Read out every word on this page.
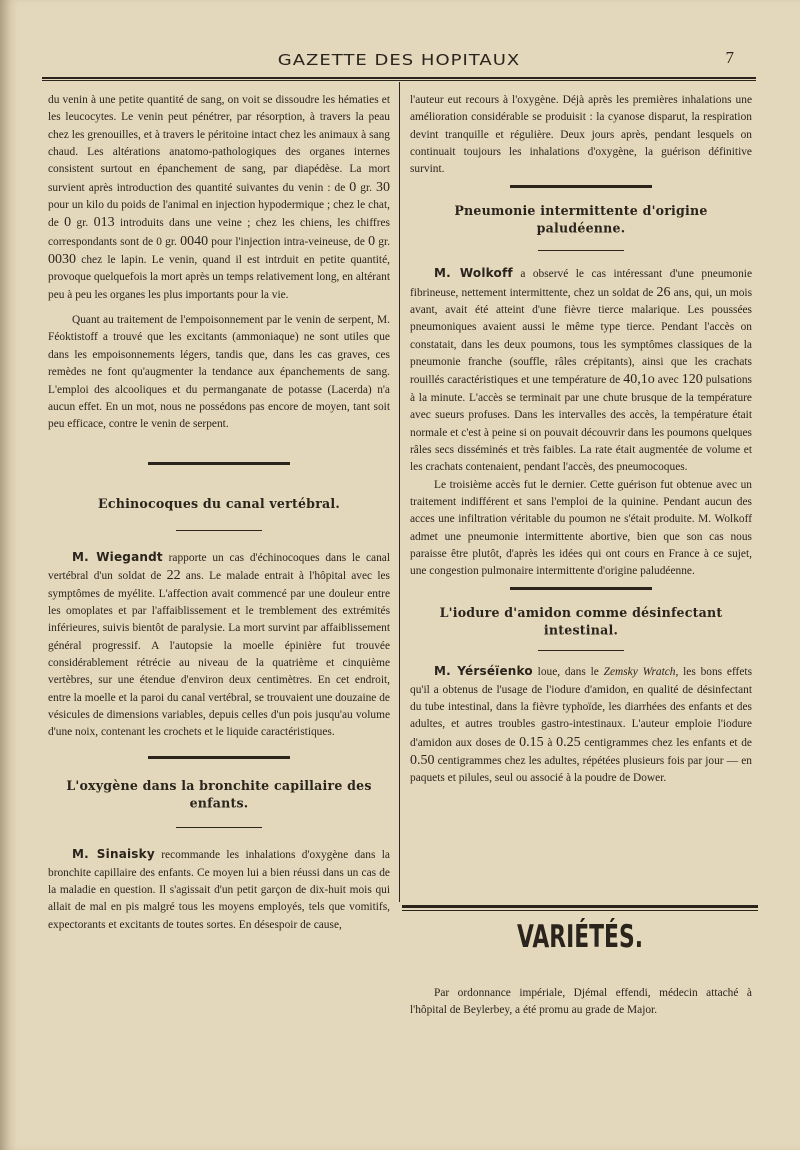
GAZETTE DES HOPITAUX	7

du venin à une petite quantité de sang, on voit se dissoudre les hématies et les leucocytes. Le venin peut pénétrer, par résorption, à travers la peau chez les grenouilles, et à travers le péritoine intact chez les animaux à sang chaud. Les altérations anatomo-pathologiques des organes internes consistent surtout en épanchement de sang, par diapédèse. La mort survient après introduction des quantité suivantes du venin : de 0 gr. 30 pour un kilo du poids de l'animal en injection hypodermique ; chez le chat, de 0 gr. 013 introduits dans une veine ; chez les chiens, les chiffres correspondants sont de 0 gr. 0040 pour l'injection intra-veineuse, de 0 gr. 0030 chez le lapin. Le venin, quand il est intrduit en petite quantité, provoque quelquefois la mort après un temps relativement long, en altérant peu à peu les organes les plus importants pour la vie.

Quant au traitement de l'empoisonnement par le venin de serpent, M. Féoktistoff a trouvé que les excitants (ammoniaque) ne sont utiles que dans les empoisonnements légers, tandis que, dans les cas graves, ces remèdes ne font qu'augmenter la tendance aux épanchements de sang. L'emploi des alcooliques et du permanganate de potasse (Lacerda) n'a aucun effet. En un mot, nous ne possédons pas encore de moyen, tant soit peu efficace, contre le venin de serpent.

Echinocoques du canal vertébral.

M. Wiegandt rapporte un cas d'échinocoques dans le canal vertébral d'un soldat de 22 ans. Le malade entrait à l'hôpital avec les symptômes de myélite. L'affection avait commencé par une douleur entre les omoplates et par l'affaiblissement et le tremblement des extrémités inférieures, suivis bientôt de paralysie. La mort survint par affaiblissement général progressif. A l'autopsie la moelle épinière fut trouvée considérablement rétrécie au niveau de la quatrième et cinquième vertèbres, sur une étendue d'environ deux centimètres. En cet endroit, entre la moelle et la paroi du canal vertébral, se trouvaient une douzaine de vésicules de dimensions variables, depuis celles d'un pois jusqu'au volume d'une noix, contenant les crochets et le liquide caractéristiques.

L'oxygène dans la bronchite capillaire des enfants.

M. Sinaisky recommande les inhalations d'oxygène dans la bronchite capillaire des enfants. Ce moyen lui a bien réussi dans un cas de la maladie en question. Il s'agissait d'un petit garçon de dix-huit mois qui allait de mal en pis malgré tous les moyens employés, tels que vomitifs, expectorants et excitants de toutes sortes. En désespoir de cause,

l'auteur eut recours à l'oxygène. Déjà après les premières inhalations une amélioration considérable se produisit : la cyanose disparut, la respiration devint tranquille et régulière. Deux jours après, pendant lesquels on continuait toujours les inhalations d'oxygène, la guérison définitive survint.

Pneumonie intermittente d'origine paludéenne.

M. Wolkoff a observé le cas intéressant d'une pneumonie fibrineuse, nettement intermittente, chez un soldat de 26 ans, qui, un mois avant, avait été atteint d'une fièvre tierce malarique. Les poussées pneumoniques avaient aussi le même type tierce. Pendant l'accès on constatait, dans les deux poumons, tous les symptômes classiques de la pneumonie franche (souffle, râles crépitants), ainsi que les crachats rouillés caractéristiques et une température de 40,1o avec 120 pulsations à la minute. L'accès se terminait par une chute brusque de la température avec sueurs profuses. Dans les intervalles des accès, la température était normale et c'est à peine si on pouvait découvrir dans les poumons quelques râles secs disséminés et très faibles. La rate était augmentée de volume et les crachats contenaient, pendant l'accès, des pneumocoques.

Le troisième accès fut le dernier. Cette guérison fut obtenue avec un traitement indifférent et sans l'emploi de la quinine. Pendant aucun des acces une infiltration véritable du poumon ne s'était produite. M. Wolkoff admet une pneumonie intermittente abortive, bien que son cas nous paraisse être plutôt, d'après les idées qui ont cours en France à ce sujet, une congestion pulmonaire intermittente d'origine paludéenne.

L'iodure d'amidon comme désinfectant intestinal.

M. Yérséïenko loue, dans le Zemsky Wratch, les bons effets qu'il a obtenus de l'usage de l'iodure d'amidon, en qualité de désinfectant du tube intestinal, dans la fièvre typhoïde, les diarrhées des enfants et des adultes, et autres troubles gastro-intestinaux. L'auteur emploie l'iodure d'amidon aux doses de 0.15 à 0.25 centigrammes chez les enfants et de 0.50 centigrammes chez les adultes, répétées plusieurs fois par jour — en paquets et pilules, seul ou associé à la poudre de Dower.

VARIÉTÉS.

Par ordonnance impériale, Djémal effendi, médecin attaché à l'hôpital de Beylerbey, a été promu au grade de Major.
